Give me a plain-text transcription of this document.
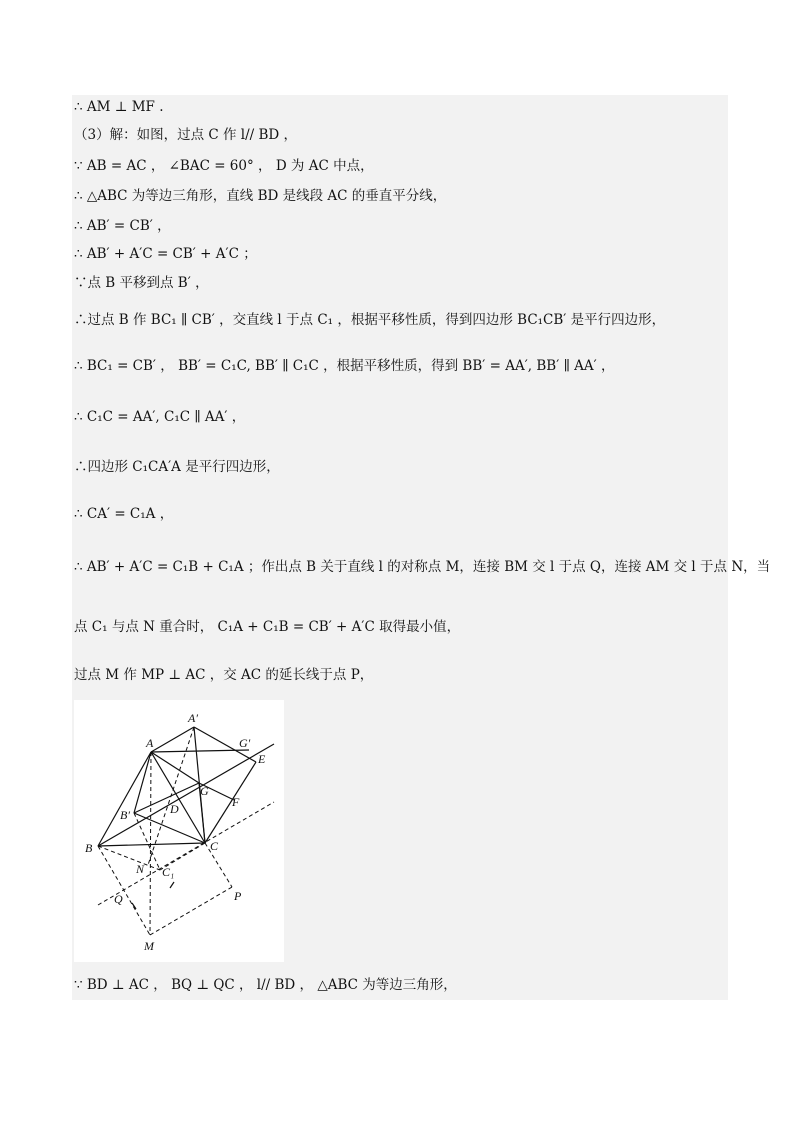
∴ AM ⊥ MF .
（3）解：如图，过点 C 作 l// BD ，
∵ AB = AC ， ∠BAC = 60° ， D 为 AC 中点，
∴ △ABC 为等边三角形，直线 BD 是线段 AC 的垂直平分线，
∴ AB′ = CB′ ，
∴ AB′ + A′C = CB′ + A′C ；
∵点 B 平移到点 B′ ，
∴过点 B 作 BC₁ ∥ CB′ ，交直线 l 于点 C₁ ，根据平移性质，得到四边形 BC₁CB′ 是平行四边形，
∴ BC₁ = CB′ ， BB′ = C₁C, BB′ ∥ C₁C ，根据平移性质，得到 BB′ = AA′, BB′ ∥ AA′ ，
∴ C₁C = AA′, C₁C ∥ AA′ ，
∴四边形 C₁CA′A 是平行四边形，
∴ CA′ = C₁A ，
∴ AB′ + A′C = C₁B + C₁A ；作出点 B 关于直线 l 的对称点 M，连接 BM 交 l 于点 Q，连接 AM 交 l 于点 N，当
点 C₁ 与点 N 重合时， C₁A + C₁B = CB′ + A′C 取得最小值，
过点 M 作 MP ⊥ AC ，交 AC 的延长线于点 P，
∵ BD ⊥ AC ， BQ ⊥ QC ， l// BD ， △ABC 为等边三角形，
A
A′
G′
E
G
D	F
B′
B	C
N C₁
Q	P
M
